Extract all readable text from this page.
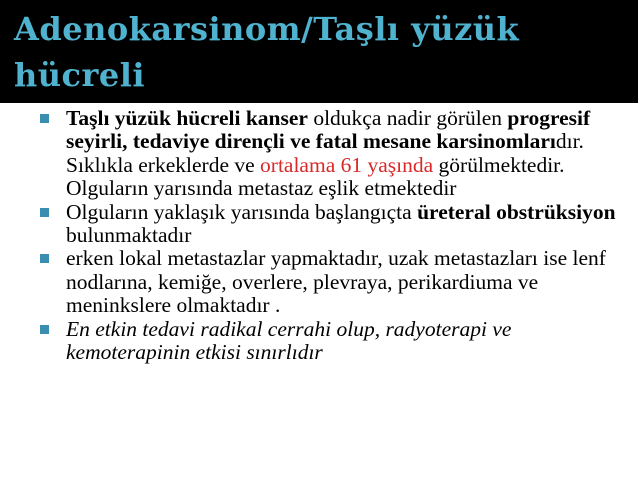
Adenokarsinom/Taşlı yüzük hücreli
Taşlı yüzük hücreli kanser oldukça nadir görülen progresif seyirli, tedaviye dirençli ve fatal mesane karsinomlarıdır. Sıklıkla erkeklerde ve ortalama 61 yaşında görülmektedir. Olguların yarısında metastaz eşlik etmektedir
Olguların yaklaşık yarısında başlangıçta üreteral obstrüksiyon bulunmaktadır
erken lokal metastazlar yapmaktadır, uzak metastazları ise lenf nodlarına, kemiğe, overlere, plevraya, perikardiuma ve meninkslere olmaktadır .
En etkin tedavi radikal cerrahi olup, radyoterapi ve kemoterapinin etkisi sınırlıdır
